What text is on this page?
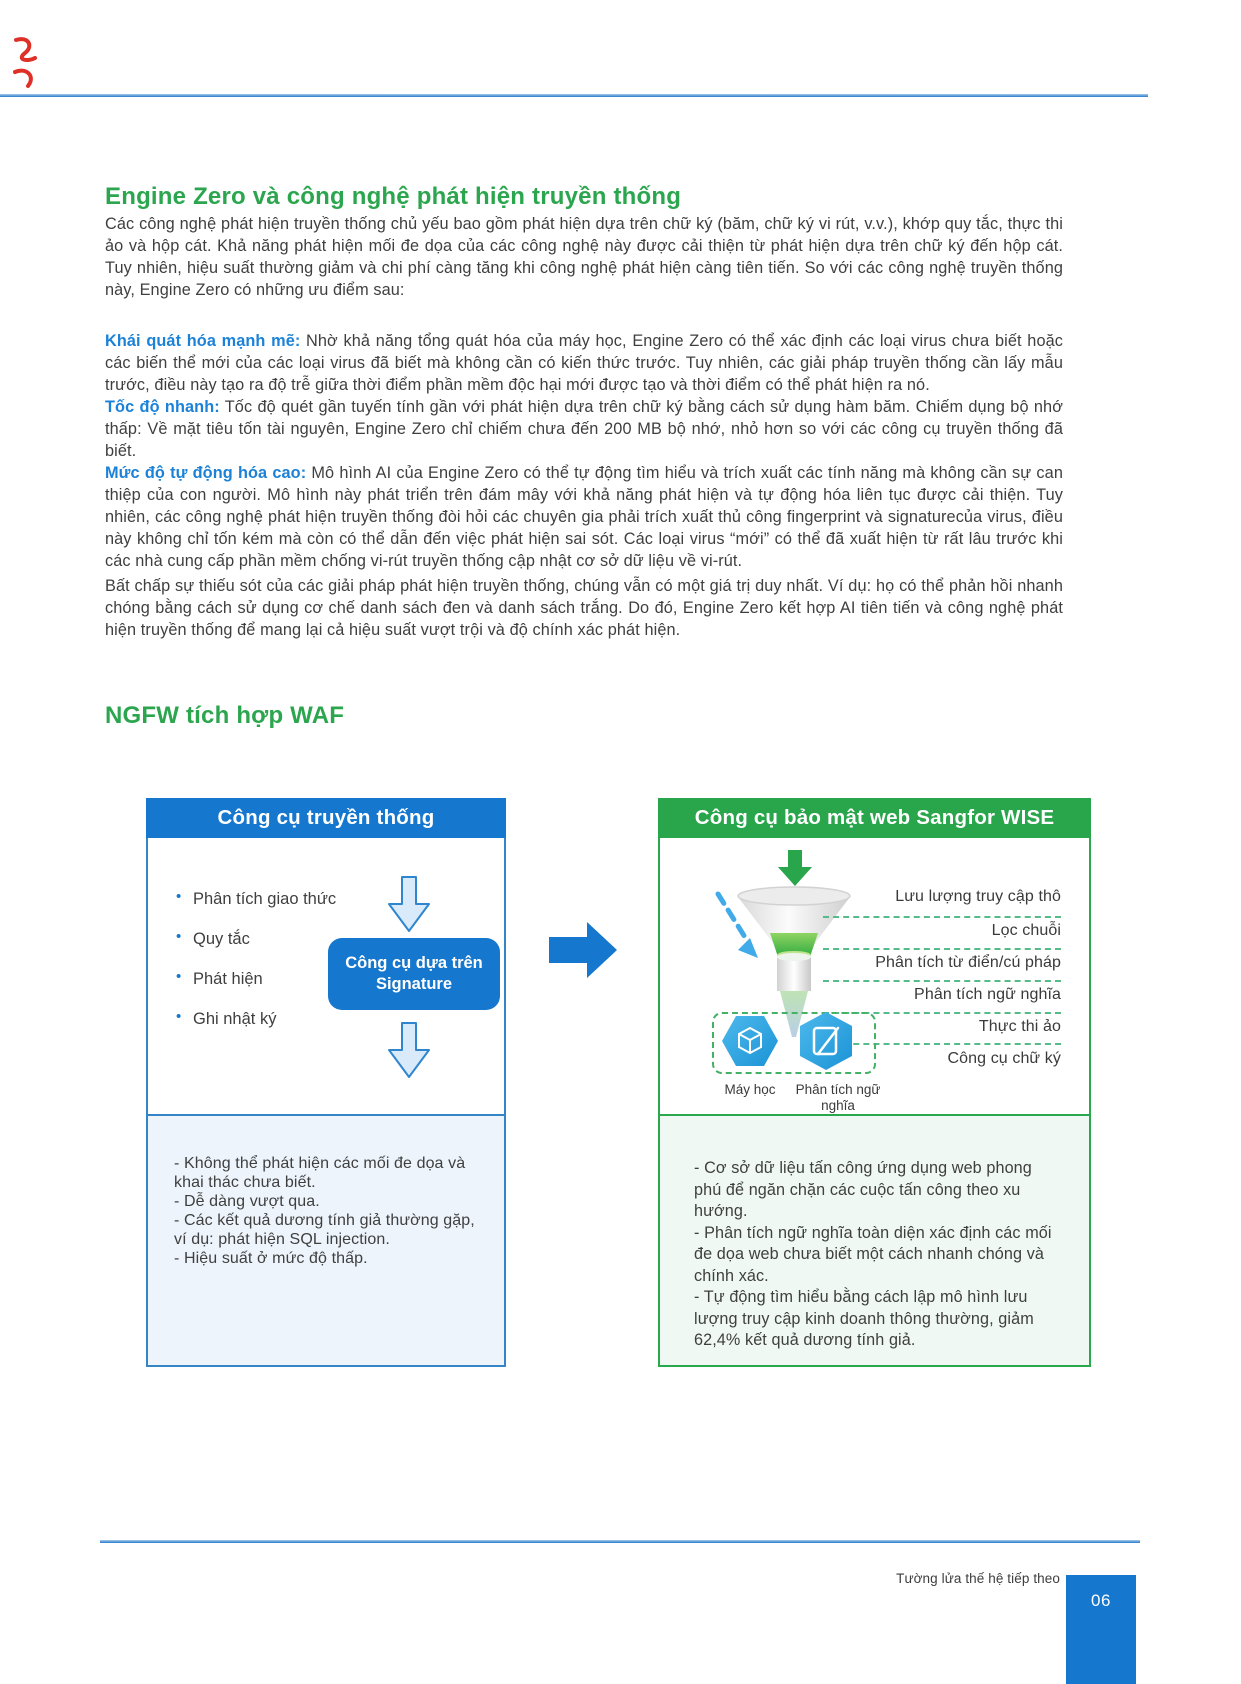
Engine Zero và công nghệ phát hiện truyền thống

Các công nghệ phát hiện truyền thống chủ yếu bao gồm phát hiện dựa trên chữ ký (băm, chữ ký vi rút, v.v.), khớp quy tắc, thực thi ảo và hộp cát. Khả năng phát hiện mối đe dọa của các công nghệ này được cải thiện từ phát hiện dựa trên chữ ký đến hộp cát. Tuy nhiên, hiệu suất thường giảm và chi phí càng tăng khi công nghệ phát hiện càng tiên tiến. So với các công nghệ truyền thống này, Engine Zero có những ưu điểm sau:

Khái quát hóa mạnh mẽ: Nhờ khả năng tổng quát hóa của máy học, Engine Zero có thể xác định các loại virus chưa biết hoặc các biến thể mới của các loại virus đã biết mà không cần có kiến thức trước. Tuy nhiên, các giải pháp truyền thống cần lấy mẫu trước, điều này tạo ra độ trễ giữa thời điểm phần mềm độc hại mới được tạo và thời điểm có thể phát hiện ra nó.

Tốc độ nhanh: Tốc độ quét gần tuyến tính gần với phát hiện dựa trên chữ ký bằng cách sử dụng hàm băm. Chiếm dụng bộ nhớ thấp: Về mặt tiêu tốn tài nguyên, Engine Zero chỉ chiếm chưa đến 200 MB bộ nhớ, nhỏ hơn so với các công cụ truyền thống đã biết.

Mức độ tự động hóa cao: Mô hình AI của Engine Zero có thể tự động tìm hiểu và trích xuất các tính năng mà không cần sự can thiệp của con người. Mô hình này phát triển trên đám mây với khả năng phát hiện và tự động hóa liên tục được cải thiện. Tuy nhiên, các công nghệ phát hiện truyền thống đòi hỏi các chuyên gia phải trích xuất thủ công fingerprint và signaturecủa virus, điều này không chỉ tốn kém mà còn có thể dẫn đến việc phát hiện sai sót. Các loại virus “mới” có thể đã xuất hiện từ rất lâu trước khi các nhà cung cấp phần mềm chống vi-rút truyền thống cập nhật cơ sở dữ liệu về vi-rút.

Bất chấp sự thiếu sót của các giải pháp phát hiện truyền thống, chúng vẫn có một giá trị duy nhất. Ví dụ: họ có thể phản hồi nhanh chóng bằng cách sử dụng cơ chế danh sách đen và danh sách trắng. Do đó, Engine Zero kết hợp AI tiên tiến và công nghệ phát hiện truyền thống để mang lại cả hiệu suất vượt trội và độ chính xác phát hiện.

NGFW tích hợp WAF
Công cụ truyền thống
• Phân tích giao thức
• Quy tắc
• Phát hiện
• Ghi nhật ký
Công cụ dựa trên Signature

- Không thể phát hiện các mối đe dọa và khai thác chưa biết.

- Dễ dàng vượt qua.

- Các kết quả dương tính giả thường gặp, ví dụ: phát hiện SQL injection.

- Hiệu suất ở mức độ thấp.

Công cụ bảo mật web Sangfor WISE
Lưu lượng truy cập thô
Lọc chuỗi
Phân tích từ điển/cú pháp
Phân tích ngữ nghĩa
Thực thi ảo
Công cụ chữ ký
Máy học	Phân tích ngữ nghĩa

- Cơ sở dữ liệu tấn công ứng dụng web phong phú để ngăn chặn các cuộc tấn công theo xu hướng.

- Phân tích ngữ nghĩa toàn diện xác định các mối đe dọa web chưa biết một cách nhanh chóng và chính xác.

- Tự động tìm hiểu bằng cách lập mô hình lưu lượng truy cập kinh doanh thông thường, giảm 62,4% kết quả dương tính giả.

Tường lửa thế hệ tiếp theo
06
